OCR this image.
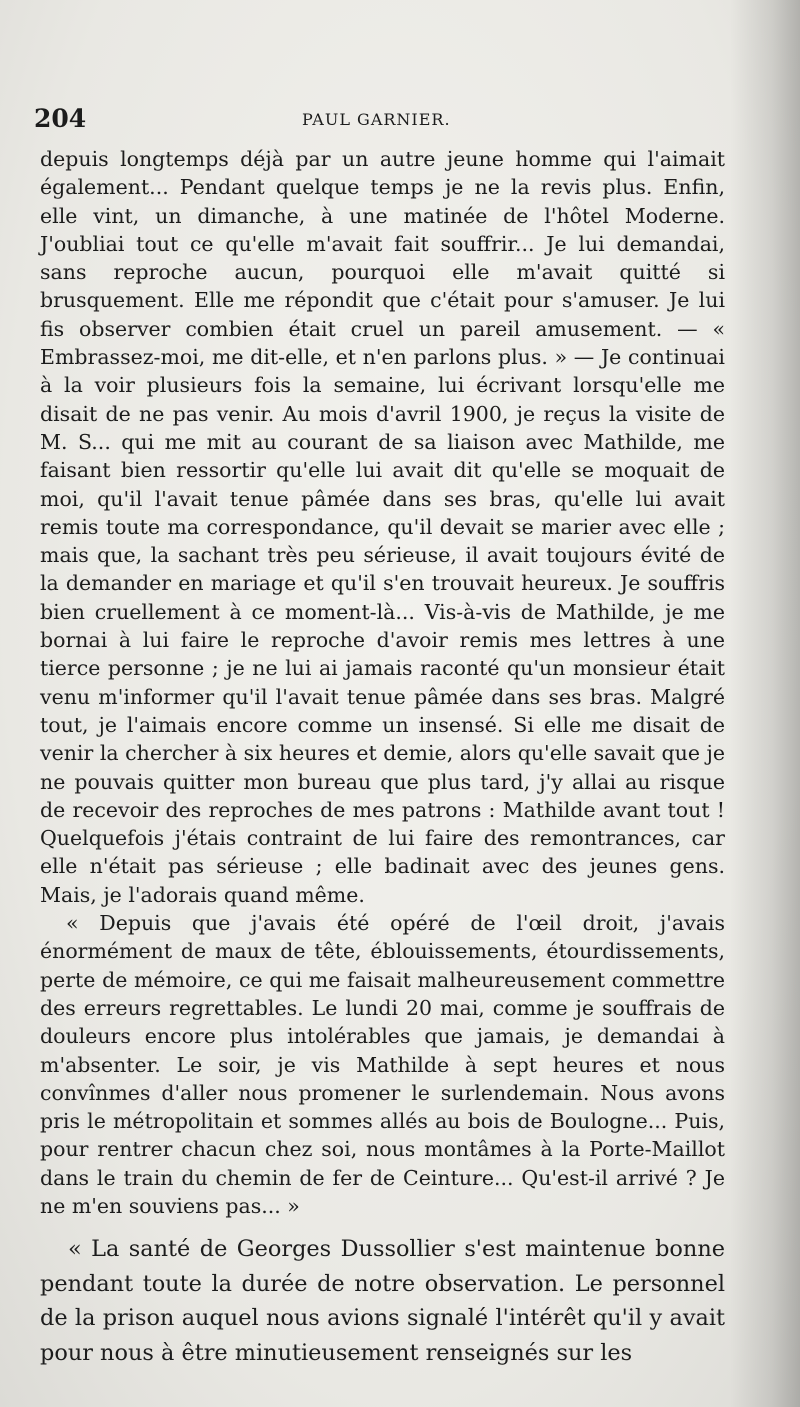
204	PAUL GARNIER.

depuis longtemps déjà par un autre jeune homme qui l'aimait également... Pendant quelque temps je ne la revis plus. Enfin, elle vint, un dimanche, à une matinée de l'hôtel Moderne. J'oubliai tout ce qu'elle m'avait fait souffrir... Je lui demandai, sans reproche aucun, pourquoi elle m'avait quitté si brusquement. Elle me répondit que c'était pour s'amuser. Je lui fis observer combien était cruel un pareil amusement. — « Embrassez-moi, me dit-elle, et n'en parlons plus. » — Je continuai à la voir plusieurs fois la semaine, lui écrivant lorsqu'elle me disait de ne pas venir. Au mois d'avril 1900, je reçus la visite de M. S... qui me mit au courant de sa liaison avec Mathilde, me faisant bien ressortir qu'elle lui avait dit qu'elle se moquait de moi, qu'il l'avait tenue pâmée dans ses bras, qu'elle lui avait remis toute ma correspondance, qu'il devait se marier avec elle ; mais que, la sachant très peu sérieuse, il avait toujours évité de la demander en mariage et qu'il s'en trouvait heureux. Je souffris bien cruellement à ce moment-là... Vis-à-vis de Mathilde, je me bornai à lui faire le reproche d'avoir remis mes lettres à une tierce personne ; je ne lui ai jamais raconté qu'un monsieur était venu m'informer qu'il l'avait tenue pâmée dans ses bras. Malgré tout, je l'aimais encore comme un insensé. Si elle me disait de venir la chercher à six heures et demie, alors qu'elle savait que je ne pouvais quitter mon bureau que plus tard, j'y allai au risque de recevoir des reproches de mes patrons : Mathilde avant tout ! Quelquefois j'étais contraint de lui faire des remontrances, car elle n'était pas sérieuse ; elle badinait avec des jeunes gens. Mais, je l'adorais quand même.

« Depuis que j'avais été opéré de l'œil droit, j'avais énormément de maux de tête, éblouissements, étourdissements, perte de mémoire, ce qui me faisait malheureusement commettre des erreurs regrettables. Le lundi 20 mai, comme je souffrais de douleurs encore plus intolérables que jamais, je demandai à m'absenter. Le soir, je vis Mathilde à sept heures et nous convînmes d'aller nous promener le surlendemain. Nous avons pris le métropolitain et sommes allés au bois de Boulogne... Puis, pour rentrer chacun chez soi, nous montâmes à la Porte-Maillot dans le train du chemin de fer de Ceinture... Qu'est-il arrivé ? Je ne m'en souviens pas... »

« La santé de Georges Dussollier s'est maintenue bonne pendant toute la durée de notre observation. Le personnel de la prison auquel nous avions signalé l'intérêt qu'il y avait pour nous à être minutieusement renseignés sur les
